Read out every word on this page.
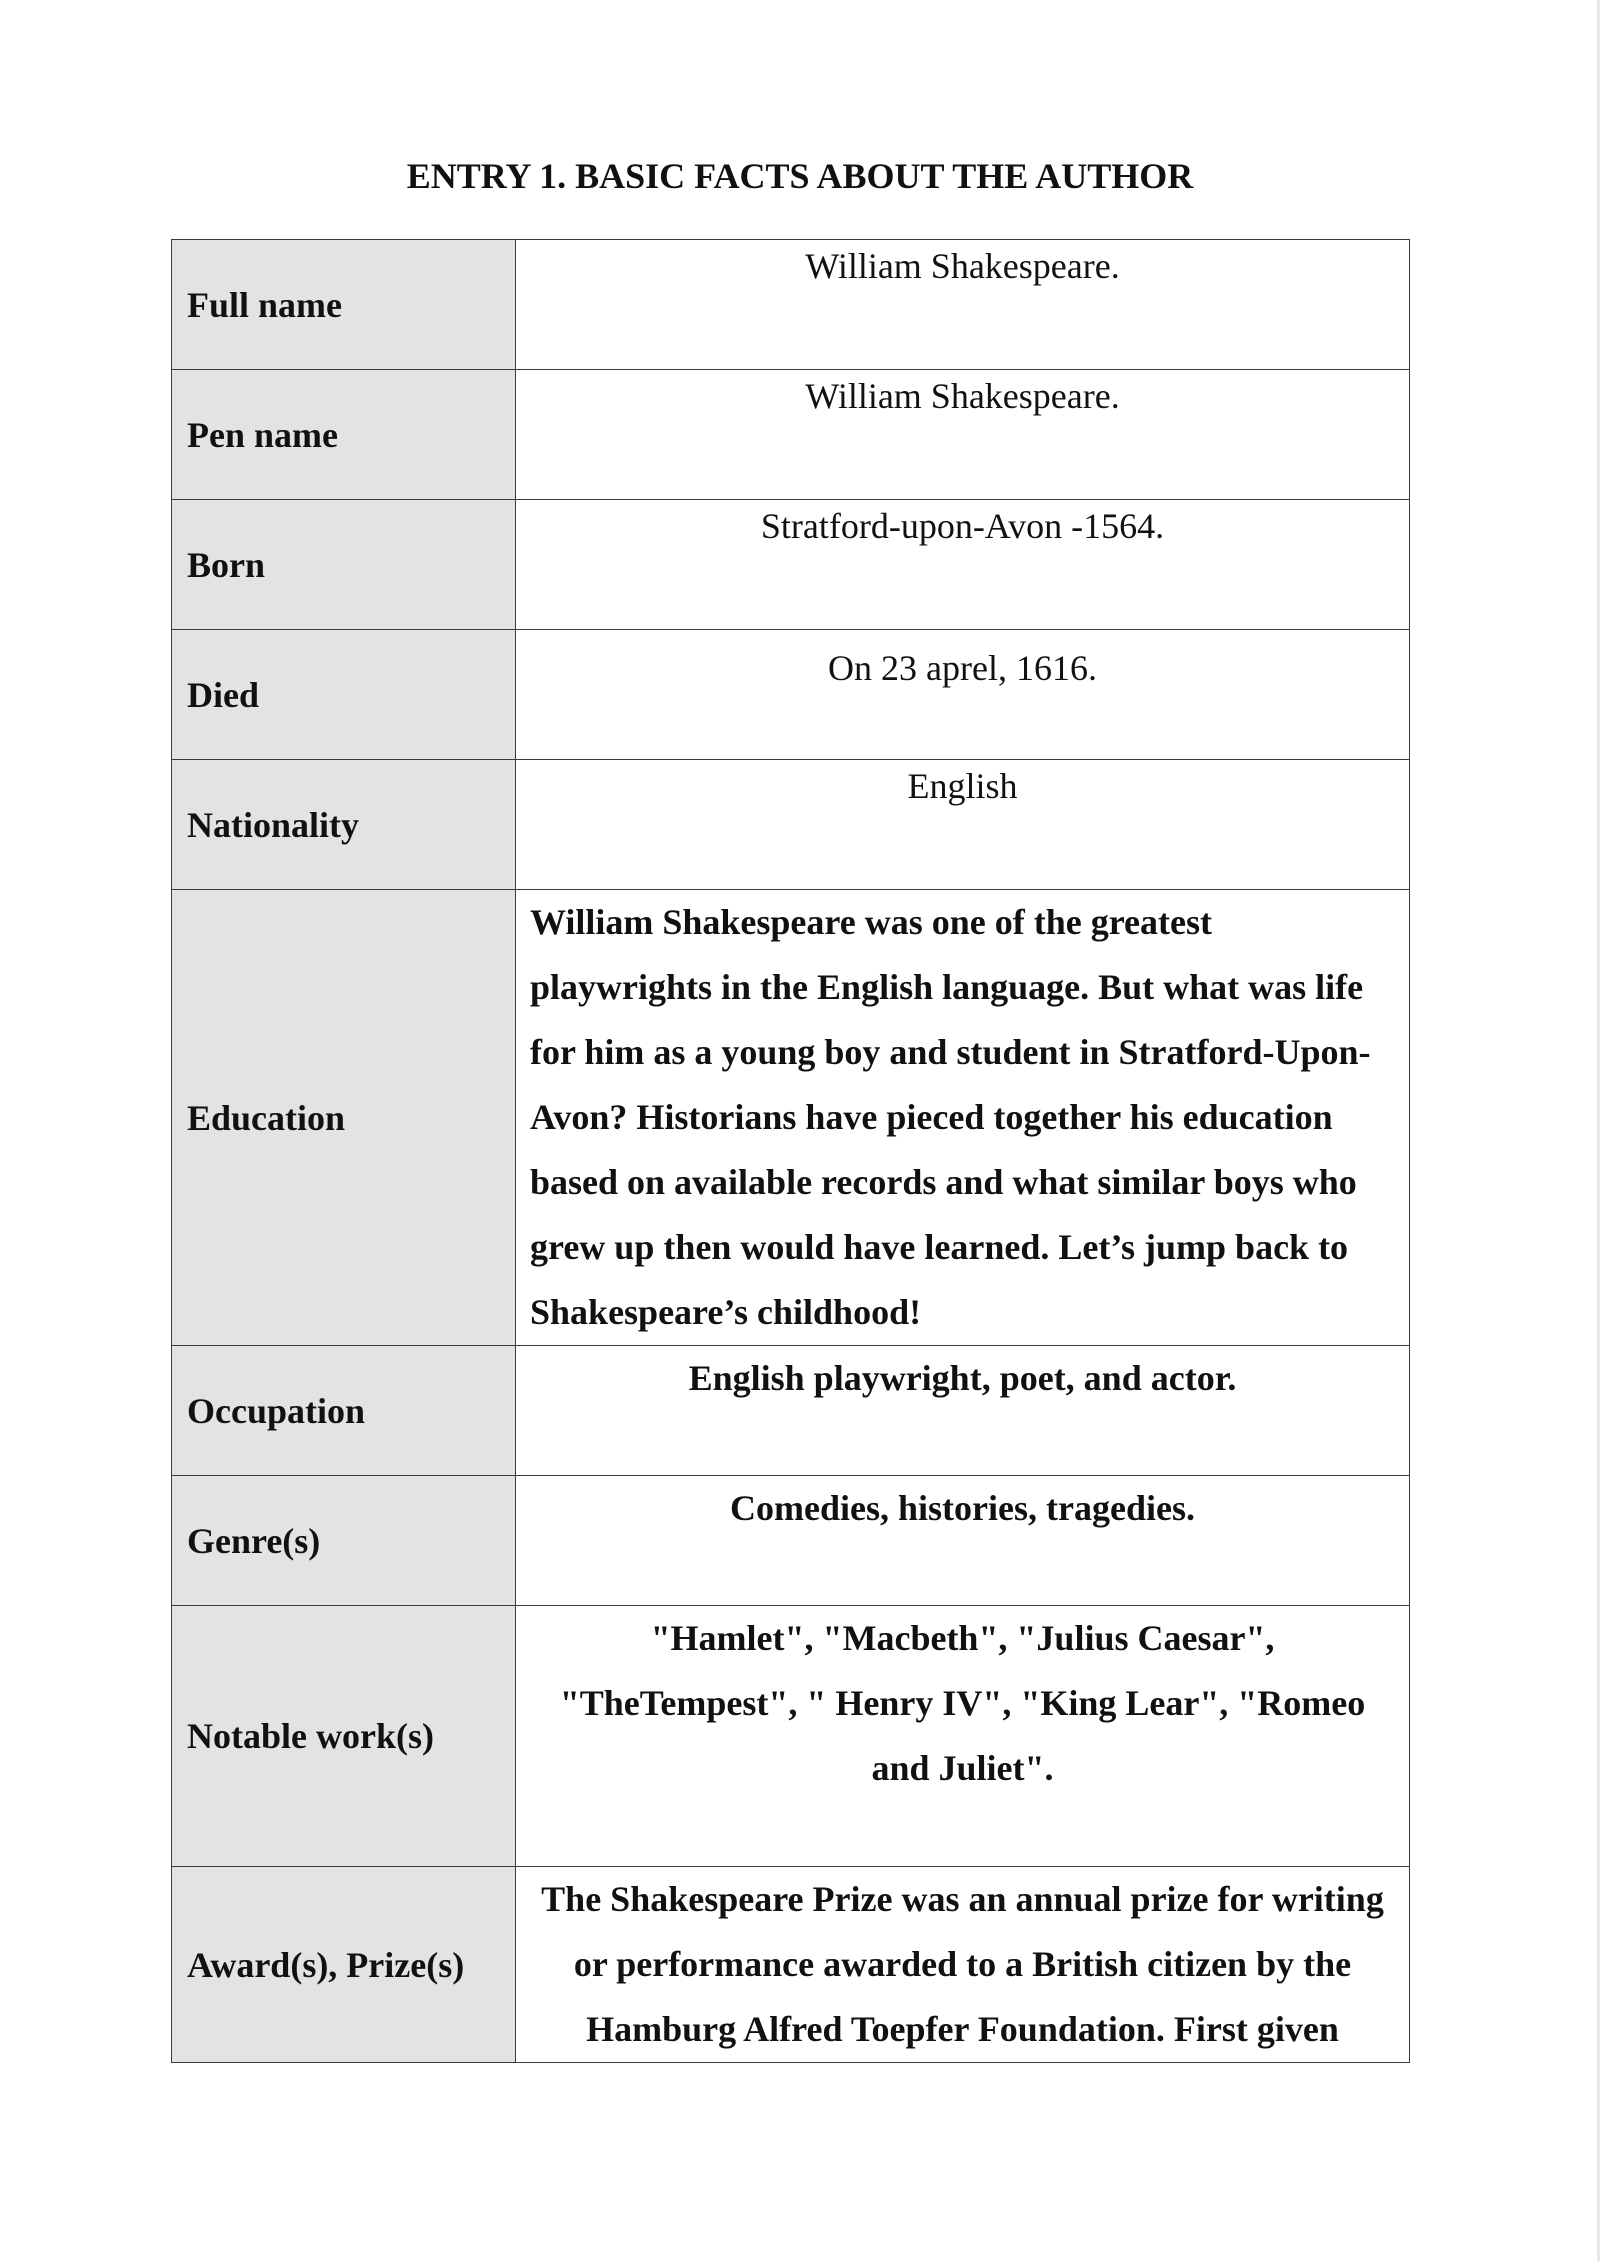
ENTRY 1. BASIC FACTS ABOUT THE AUTHOR
Full name	William Shakespeare.
Pen name	William Shakespeare.
Born	Stratford-upon-Avon -1564.
Died	On 23 aprel, 1616.
Nationality	English
Education	William Shakespeare was one of the greatest playwrights in the English language. But what was life for him as a young boy and student in Stratford-Upon-Avon? Historians have pieced together his education based on available records and what similar boys who grew up then would have learned. Let’s jump back to Shakespeare’s childhood!
Occupation	English playwright, poet, and actor.
Genre(s)	Comedies, histories, tragedies.
Notable work(s)	"Hamlet", "Macbeth", "Julius Caesar", "TheTempest", " Henry IV", "King Lear", "Romeo and Juliet".
Award(s), Prize(s)	The Shakespeare Prize was an annual prize for writing or performance awarded to a British citizen by the Hamburg Alfred Toepfer Foundation. First given
